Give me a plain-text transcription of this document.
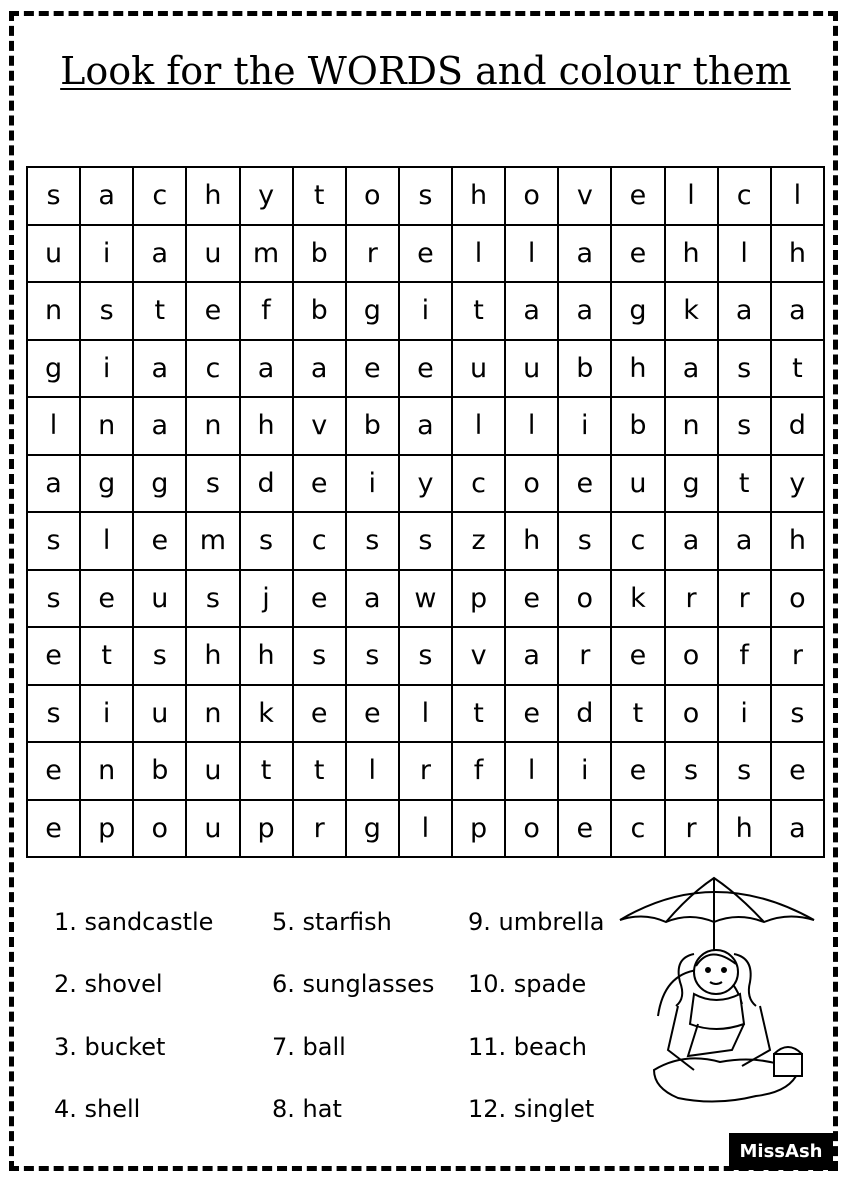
Look for the WORDS and colour them
s	a	c	h	y	t	o	s	h	o	v	e	l	c	l
u	i	a	u	m	b	r	e	l	l	a	e	h	l	h
n	s	t	e	f	b	g	i	t	a	a	g	k	a	a
g	i	a	c	a	a	e	e	u	u	b	h	a	s	t
l	n	a	n	h	v	b	a	l	l	i	b	n	s	d
a	g	g	s	d	e	i	y	c	o	e	u	g	t	y
s	l	e	m	s	c	s	s	z	h	s	c	a	a	h
s	e	u	s	j	e	a	w	p	e	o	k	r	r	o
e	t	s	h	h	s	s	s	v	a	r	e	o	f	r
s	i	u	n	k	e	e	l	t	e	d	t	o	i	s
e	n	b	u	t	t	l	r	f	l	i	e	s	s	e
e	p	o	u	p	r	g	l	p	o	e	c	r	h	a
1. sandcastle
2. shovel
3. bucket
4. shell
5. starfish
6. sunglasses
7. ball
8. hat
9. umbrella
10. spade
11. beach
12. singlet
MissAsh
